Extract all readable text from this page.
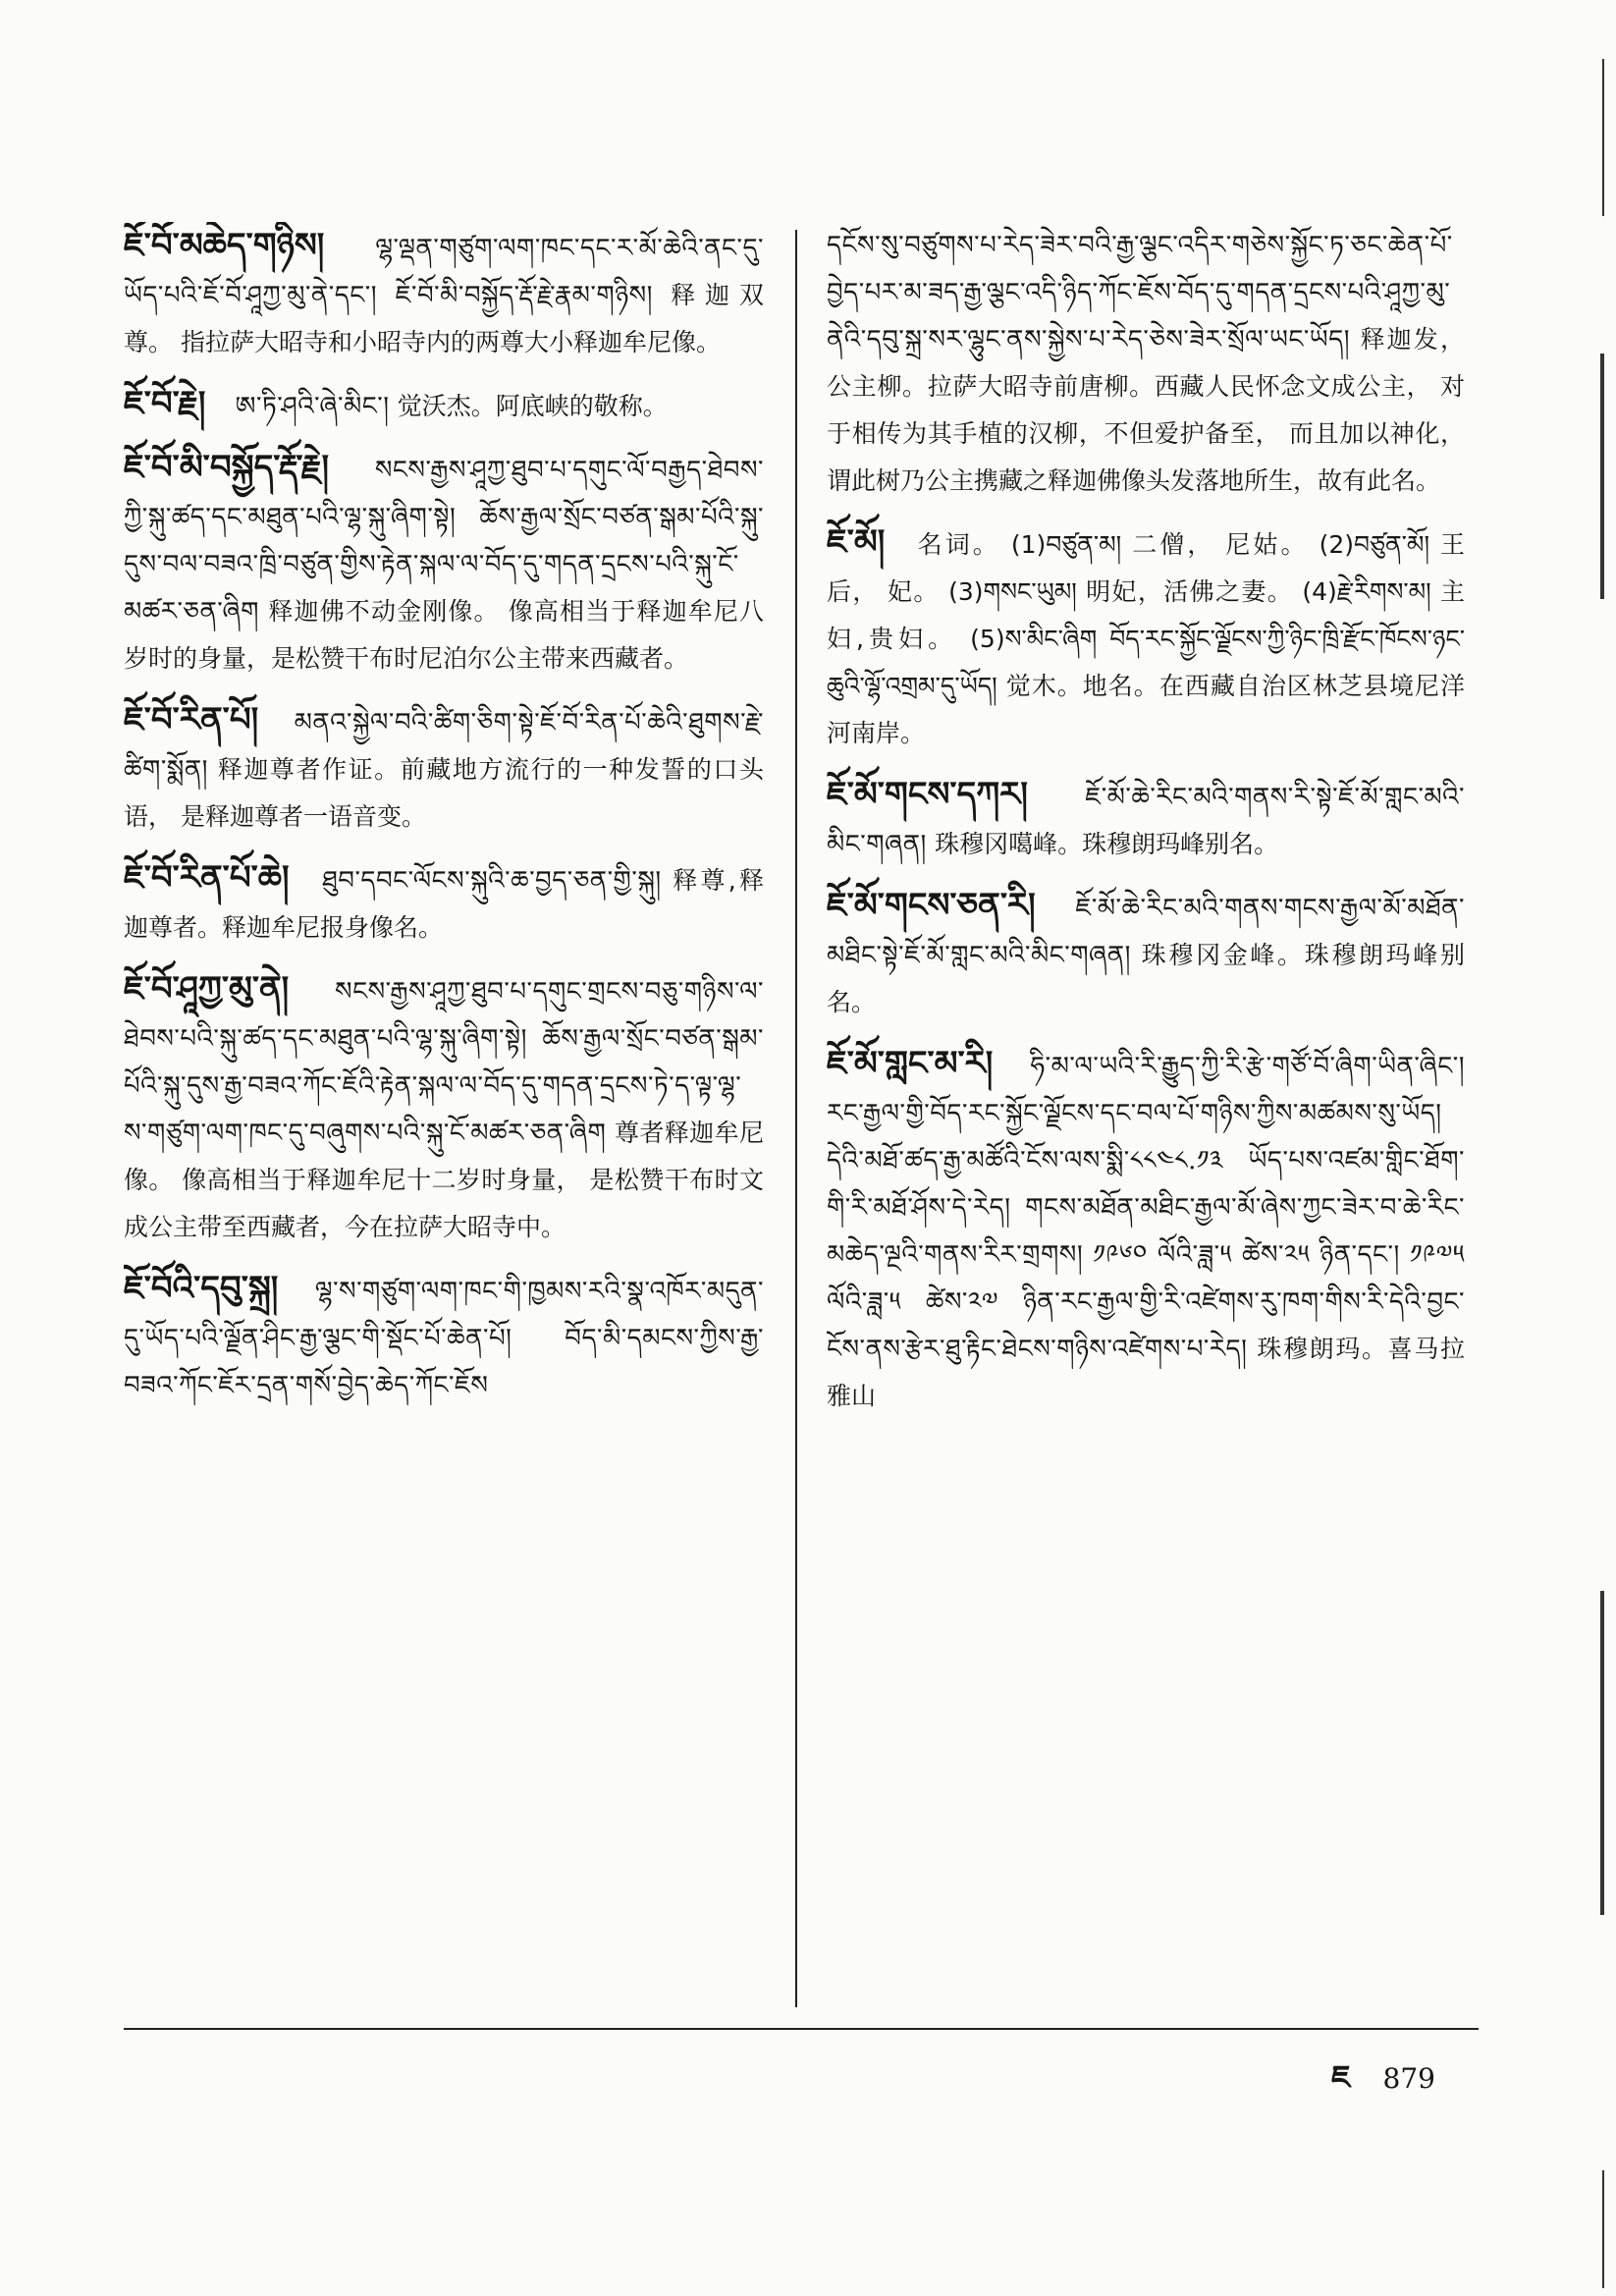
ཇོ་བོ་མཆེད་གཉིས། ལྷ་ལྡན་གཙུག་ལག་ཁང་དང་ར་མོ་ཆེའི་ནང་དུ་ཡོད་པའི་ཇོ་བོ་ཤཱཀྱ་མུ་ནེ་དང་། ཇོ་བོ་མི་བསྐྱོད་རྡོ་རྗེ་རྣམ་གཉིས། 释迦双尊。 指拉萨大昭寺和小昭寺内的两尊大小释迦牟尼像。
ཇོ་བོ་རྗེ། ཨ་ཏི་ཤའི་ཞེ་མིང་། 觉沃杰。阿底峡的敬称。
ཇོ་བོ་མི་བསྐྱོད་རྡོ་རྗེ། སངས་རྒྱས་ཤཱཀྱ་ཐུབ་པ་དགུང་ལོ་བརྒྱད་ཐེབས་ཀྱི་སྐུ་ཚད་དང་མཐུན་པའི་ལྷ་སྐུ་ཞིག་སྟེ། ཆོས་རྒྱལ་སྲོང་བཙན་སྒམ་པོའི་སྐུ་དུས་བལ་བཟའ་ཁྲི་བཙུན་གྱིས་རྟེན་སྐལ་ལ་བོད་དུ་གདན་དྲངས་པའི་སྐུ་ངོ་མཚར་ཅན་ཞིག 释迦佛不动金刚像。 像高相当于释迦牟尼八岁时的身量，是松赞干布时尼泊尔公主带来西藏者。
ཇོ་བོ་རིན་པོ། མནའ་སྐྱེལ་བའི་ཚིག་ཅིག་སྟེ་ཇོ་བོ་རིན་པོ་ཆེའི་ཐུགས་རྗེ་ཚིག་སྨོན། 释迦尊者作证。前藏地方流行的一种发誓的口头语， 是释迦尊者一语音变。
ཇོ་བོ་རིན་པོ་ཆེ། ཐུབ་དབང་ལོངས་སྐུའི་ཆ་བྱད་ཅན་གྱི་སྐུ། 释尊,释迦尊者。释迦牟尼报身像名。
ཇོ་བོ་ཤཱཀྱ་མུ་ནེ། སངས་རྒྱས་ཤཱཀྱ་ཐུབ་པ་དགུང་གྲངས་བཅུ་གཉིས་ལ་ཐེབས་པའི་སྐུ་ཚད་དང་མཐུན་པའི་ལྷ་སྐུ་ཞིག་སྟེ། ཆོས་རྒྱལ་སྲོང་བཙན་སྒམ་པོའི་སྐུ་དུས་རྒྱ་བཟའ་ཀོང་ཇོའི་རྟེན་སྐལ་ལ་བོད་དུ་གདན་དྲངས་ཏེ་ད་ལྟ་ལྷ་ས་གཙུག་ལག་ཁང་དུ་བཞུགས་པའི་སྐུ་ངོ་མཚར་ཅན་ཞིག 尊者释迦牟尼像。 像高相当于释迦牟尼十二岁时身量， 是松赞干布时文成公主带至西藏者，今在拉萨大昭寺中。
ཇོ་བོའི་དབུ་སྐྲ། ལྷ་ས་གཙུག་ལག་ཁང་གི་ཁྱམས་རའི་སྣ་འཁོར་མདུན་དུ་ཡོད་པའི་ལྗོན་ཤིང་རྒྱ་ལྕང་གི་སྡོང་པོ་ཆེན་པོ། བོད་མི་དམངས་ཀྱིས་རྒྱ་བཟའ་ཀོང་ཇོར་དྲན་གསོ་བྱེད་ཆེད་ཀོང་ཇོས
དངོས་སུ་བཙུགས་པ་རེད་ཟེར་བའི་རྒྱ་ལྕང་འདིར་གཅེས་སྐྱོང་ཏ་ཅང་ཆེན་པོ་བྱེད་པར་མ་ཟད་རྒྱ་ལྕང་འདི་ཉིད་ཀོང་ཇོས་བོད་དུ་གདན་དྲངས་པའི་ཤཱཀྱ་མུ་ནེའི་དབུ་སྐྲ་སར་ལྷུང་ནས་སྐྱེས་པ་རེད་ཅེས་ཟེར་སྲོལ་ཡང་ཡོད། 释迦发，公主柳。拉萨大昭寺前唐柳。西藏人民怀念文成公主， 对于相传为其手植的汉柳，不但爱护备至， 而且加以神化， 谓此树乃公主携藏之释迦佛像头发落地所生，故有此名。
ཇོ་མོ། 名词。 (1)བཙུན་མ། 二僧， 尼姑。 (2)བཙུན་མོ། 王后， 妃。 (3)གསང་ཡུམ། 明妃，活佛之妻。 (4)རྗེ་རིགས་མ། 主妇,贵妇。 (5)ས་མིང་ཞིག བོད་རང་སྐྱོང་ལྗོངས་ཀྱི་ཉིང་ཁྲི་རྫོང་ཁོངས་ཉང་ཆུའི་ལྷོ་འགྲམ་དུ་ཡོད། 觉木。地名。在西藏自治区林芝县境尼洋河南岸。
ཇོ་མོ་གངས་དཀར། ཇོ་མོ་ཆེ་རིང་མའི་གནས་རི་སྟེ་ཇོ་མོ་གླང་མའི་མིང་གཞན། 珠穆冈噶峰。珠穆朗玛峰别名。
ཇོ་མོ་གངས་ཅན་རི། ཇོ་མོ་ཆེ་རིང་མའི་གནས་གངས་རྒྱལ་མོ་མཐོན་མཐིང་སྟེ་ཇོ་མོ་གླང་མའི་མིང་གཞན། 珠穆冈金峰。珠穆朗玛峰别名。
ཇོ་མོ་གླང་མ་རི། ཧི་མ་ལ་ཡའི་རི་རྒྱུད་ཀྱི་རི་རྩེ་གཙོ་བོ་ཞིག་ཡིན་ཞིང་། རང་རྒྱལ་གྱི་བོད་རང་སྐྱོང་ལྗོངས་དང་བལ་པོ་གཉིས་ཀྱིས་མཚམས་སུ་ཡོད། དེའི་མཐོ་ཚད་རྒྱ་མཚོའི་ངོས་ལས་སྨི་༨༨༤༨.༡༣ ཡོད་པས་འཛམ་གླིང་ཐོག་གི་རི་མཐོ་ཤོས་དེ་རེད། གངས་མཐོན་མཐིང་རྒྱལ་མོ་ཞེས་ཀྱང་ཟེར་བ་ཆེ་རིང་མཆེད་ལྔའི་གནས་རིར་གྲགས། ༡༩༦༠ ལོའི་ཟླ་༥ ཚེས་༢༥ ཉིན་དང་། ༡༩༧༥ ལོའི་ཟླ་༥ ཚེས་༢༧ ཉིན་རང་རྒྱལ་གྱི་རི་འཛེགས་རུ་ཁག་གིས་རི་དེའི་བྱང་ངོས་ནས་རྩེར་ཐུ་རྟིང་ཐེངས་གཉིས་འཛེགས་པ་རེད། 珠穆朗玛。喜马拉雅山
ཇ 879
